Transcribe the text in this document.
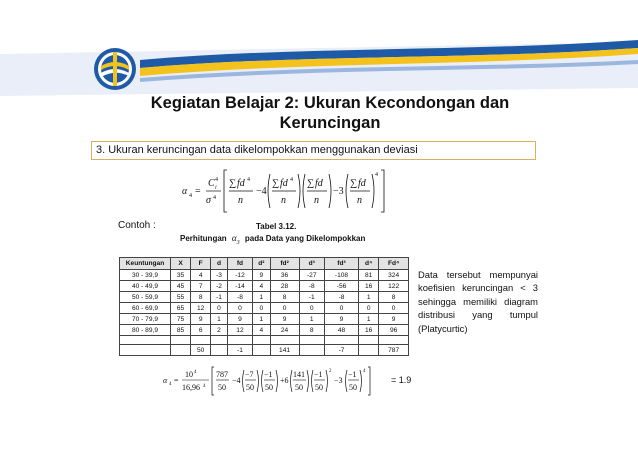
Kegiatan Belajar 2: Ukuran Kecondongan dan
Keruncingan
3. Ukuran keruncingan data dikelompokkan menggunakan deviasi
α 4 =
C 4
i
σ 4
∑ fd 4
n
−4
∑ fd 4
n
∑ fd
n
−3
∑ fd
n
4
Contoh :	Tabel 3.12.
Perhitungan $\alpha_3$ pada Data yang Dikelompokkan
Keuntungan	X	F	d	fd	d²	fd²	d³	fd³	d⁴	Fd⁴
30 - 39,9	35	4	-3	-12	9	36	-27	-108	81	324
40 - 49,9	45	7	-2	-14	4	28	-8	-56	16	122
50 - 59,9	55	8	-1	-8	1	8	-1	-8	1	8
60 - 69,9	65	12	0	0	0	0	0	0	0	0
70 - 79,9	75	9	1	9	1	9	1	9	1	9
80 - 89,9	85	6	2	12	4	24	8	48	16	96

		50		-1		141		-7		787
Data tersebut mempunyai koefisien keruncingan < 3 sehingga memiliki diagram distribusi yang tumpul (Platycurtic)
α 4 =
10 4
16,96 4
787
50
−4
−7
50
−1
50
+6
141
50
−1
50
2
−3
−1
50
4
= 1.9
